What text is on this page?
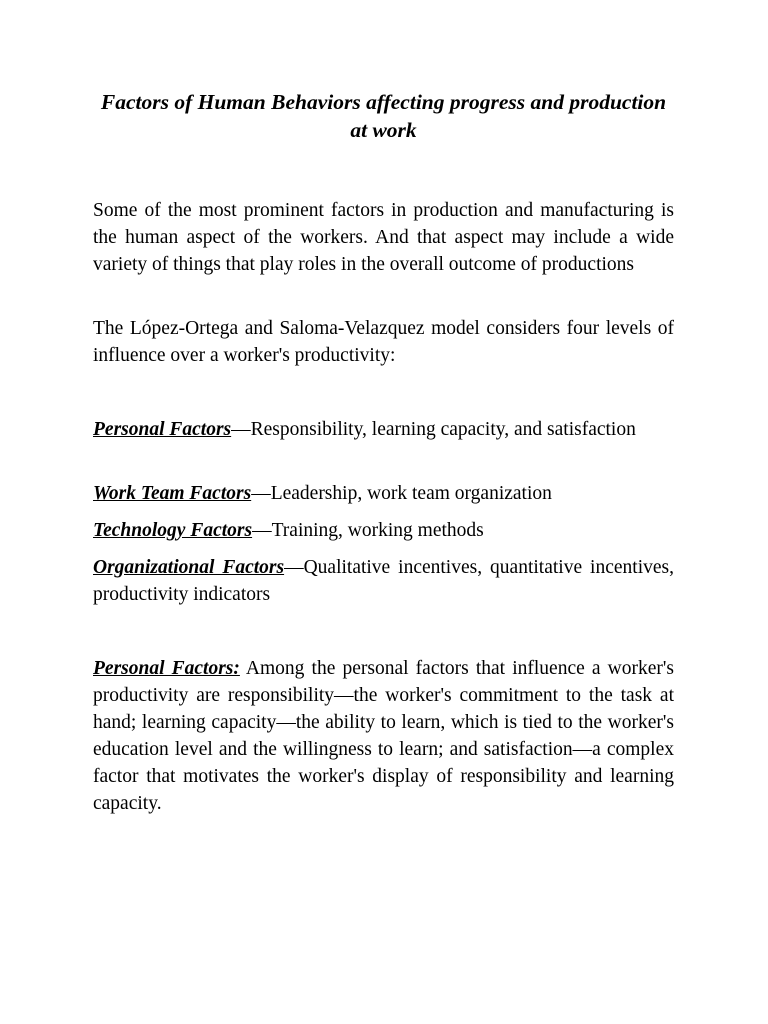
Factors of Human Behaviors affecting progress and production at work

Some of the most prominent factors in production and manufacturing is the human aspect of the workers. And that aspect may include a wide variety of things that play roles in the overall outcome of productions

The López-Ortega and Saloma-Velazquez model considers four levels of influence over a worker's productivity:

Personal Factors—Responsibility, learning capacity, and satisfaction

Work Team Factors—Leadership, work team organization

Technology Factors—Training, working methods

Organizational Factors—Qualitative incentives, quantitative incentives, productivity indicators

Personal Factors: Among the personal factors that influence a worker's productivity are responsibility—the worker's commitment to the task at hand; learning capacity—the ability to learn, which is tied to the worker's education level and the willingness to learn; and satisfaction—a complex factor that motivates the worker's display of responsibility and learning capacity.
